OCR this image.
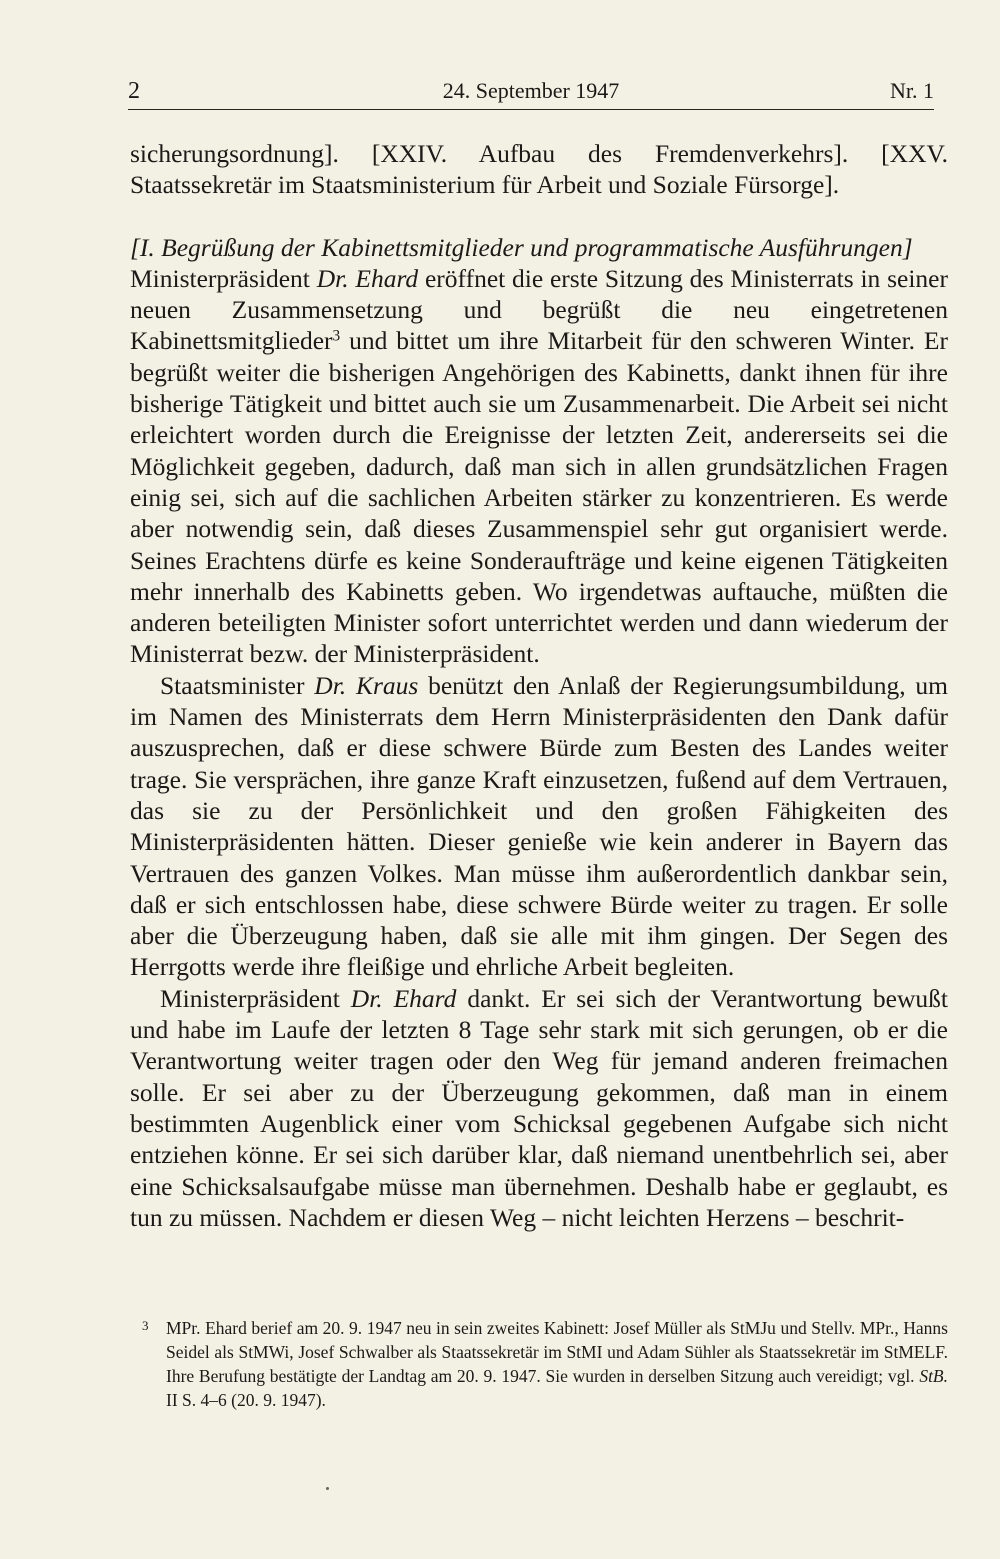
2	24. September 1947	Nr. 1

sicherungsordnung]. [XXIV. Aufbau des Fremdenverkehrs]. [XXV. Staatssekretär im Staatsministerium für Arbeit und Soziale Fürsorge].

[I. Begrüßung der Kabinettsmitglieder und programmatische Ausführungen]

Ministerpräsident Dr. Ehard eröffnet die erste Sitzung des Ministerrats in seiner neuen Zusammensetzung und begrüßt die neu eingetretenen Kabinettsmitglieder$^3$ und bittet um ihre Mitarbeit für den schweren Winter. Er begrüßt weiter die bisherigen Angehörigen des Kabinetts, dankt ihnen für ihre bisherige Tätigkeit und bittet auch sie um Zusammenarbeit. Die Arbeit sei nicht erleichtert worden durch die Ereignisse der letzten Zeit, andererseits sei die Möglichkeit gegeben, dadurch, daß man sich in allen grundsätzlichen Fragen einig sei, sich auf die sachlichen Arbeiten stärker zu konzentrieren. Es werde aber notwendig sein, daß dieses Zusammenspiel sehr gut organisiert werde. Seines Erachtens dürfe es keine Sonderaufträge und keine eigenen Tätigkeiten mehr innerhalb des Kabinetts geben. Wo irgendetwas auftauche, müßten die anderen beteiligten Minister sofort unterrichtet werden und dann wiederum der Ministerrat bezw. der Ministerpräsident.

Staatsminister Dr. Kraus benützt den Anlaß der Regierungsumbildung, um im Namen des Ministerrats dem Herrn Ministerpräsidenten den Dank dafür auszusprechen, daß er diese schwere Bürde zum Besten des Landes weiter trage. Sie versprächen, ihre ganze Kraft einzusetzen, fußend auf dem Vertrauen, das sie zu der Persönlichkeit und den großen Fähigkeiten des Ministerpräsidenten hätten. Dieser genieße wie kein anderer in Bayern das Vertrauen des ganzen Volkes. Man müsse ihm außerordentlich dankbar sein, daß er sich entschlossen habe, diese schwere Bürde weiter zu tragen. Er solle aber die Überzeugung haben, daß sie alle mit ihm gingen. Der Segen des Herrgotts werde ihre fleißige und ehrliche Arbeit begleiten.

Ministerpräsident Dr. Ehard dankt. Er sei sich der Verantwortung bewußt und habe im Laufe der letzten 8 Tage sehr stark mit sich gerungen, ob er die Verantwortung weiter tragen oder den Weg für jemand anderen freimachen solle. Er sei aber zu der Überzeugung gekommen, daß man in einem bestimmten Augenblick einer vom Schicksal gegebenen Aufgabe sich nicht entziehen könne. Er sei sich darüber klar, daß niemand unentbehrlich sei, aber eine Schicksalsaufgabe müsse man übernehmen. Deshalb habe er geglaubt, es tun zu müssen. Nachdem er diesen Weg – nicht leichten Herzens – beschrit-

3 MPr. Ehard berief am 20. 9. 1947 neu in sein zweites Kabinett: Josef Müller als StMJu und Stellv. MPr., Hanns Seidel als StMWi, Josef Schwalber als Staatssekretär im StMI und Adam Sühler als Staatssekretär im StMELF. Ihre Berufung bestätigte der Landtag am 20. 9. 1947. Sie wurden in derselben Sitzung auch vereidigt; vgl. StB. II S. 4–6 (20. 9. 1947).
